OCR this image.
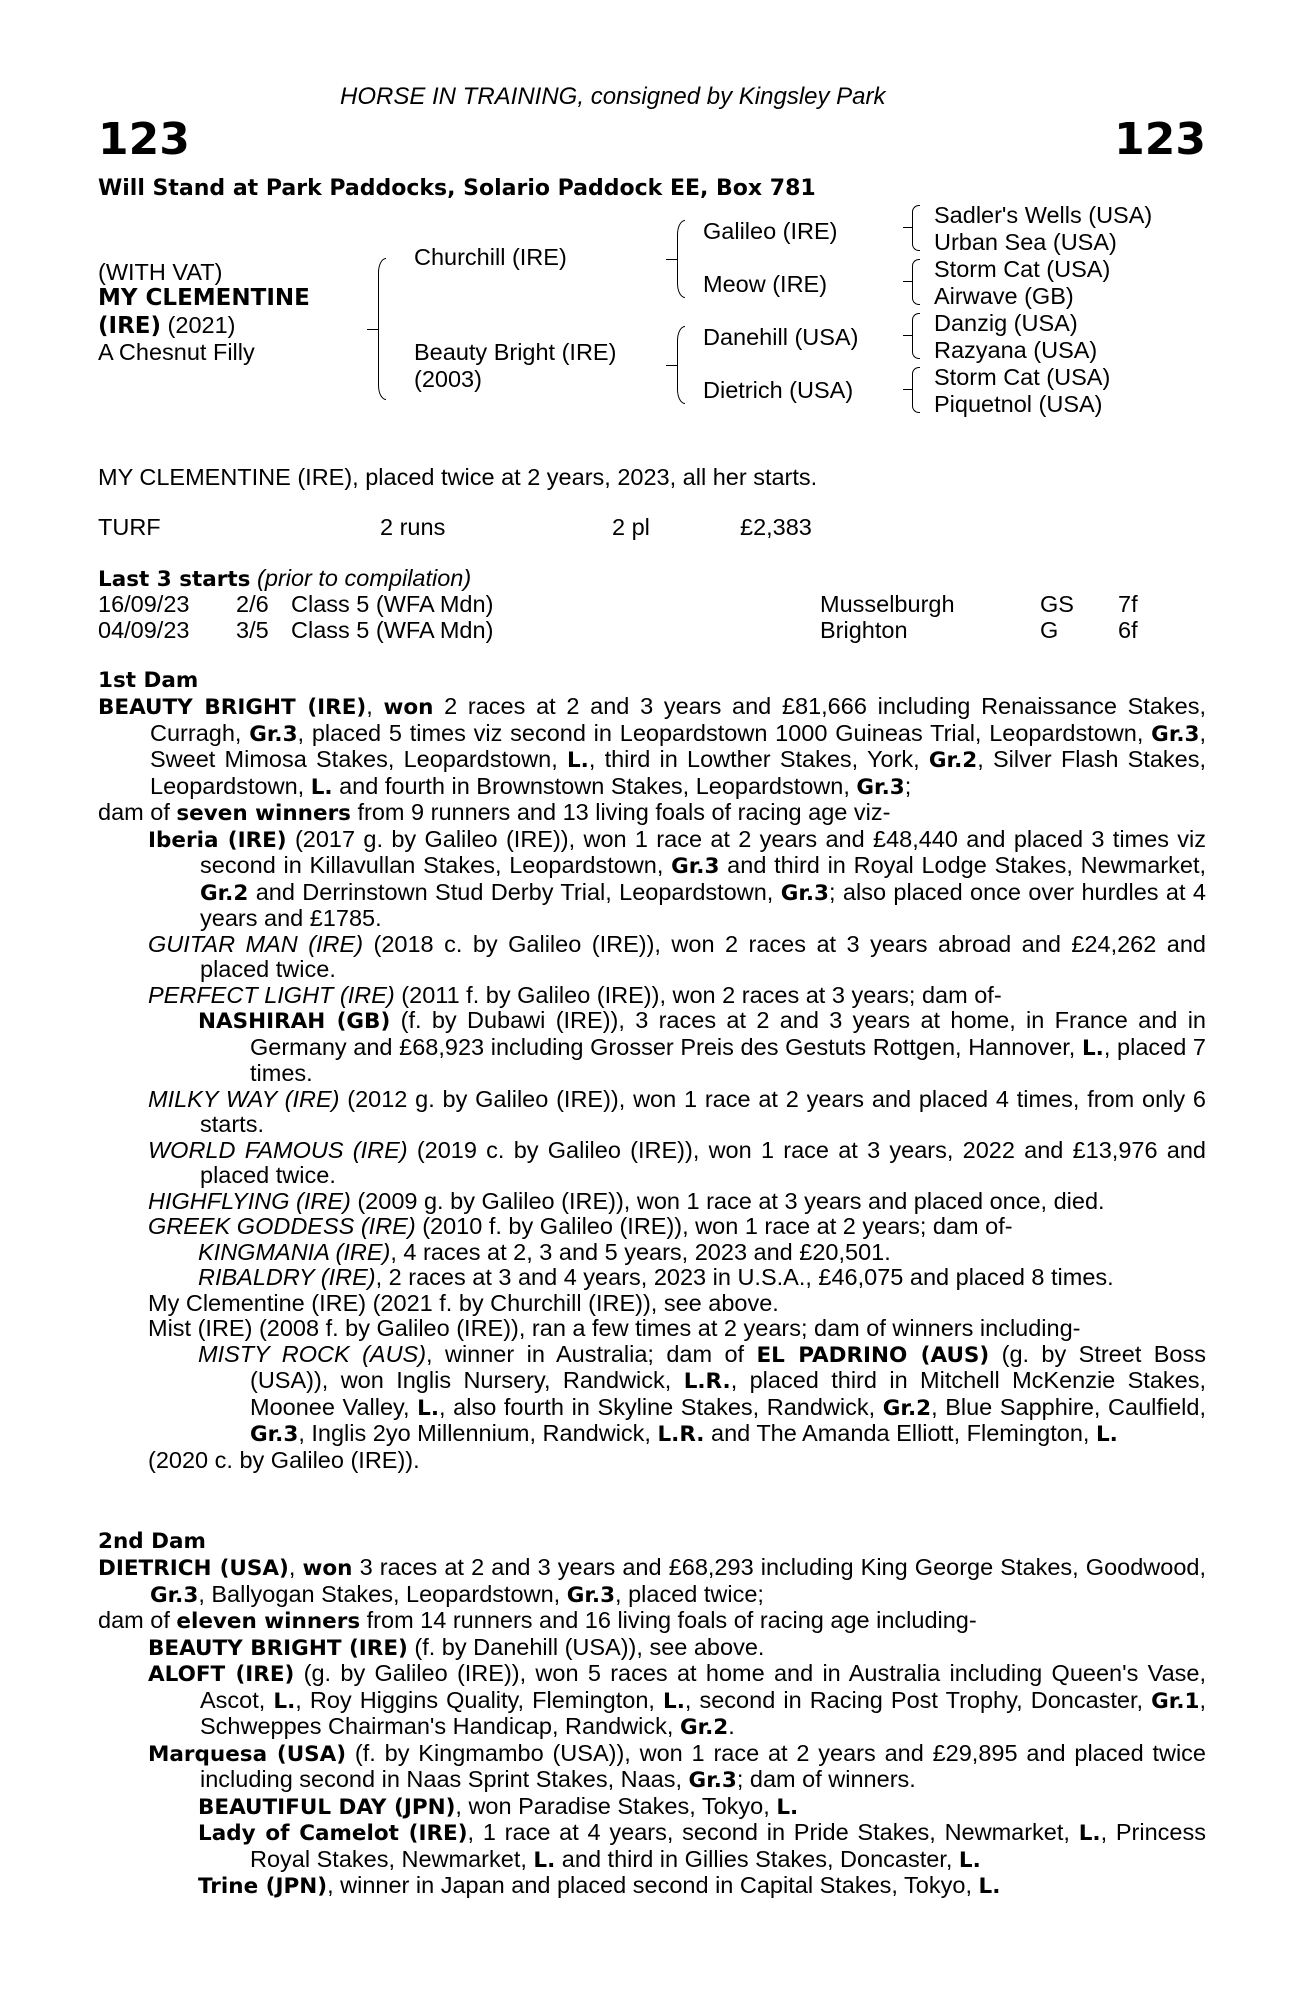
HORSE IN TRAINING, consigned by Kingsley Park
123	123
Will Stand at Park Paddocks, Solario Paddock EE, Box 781
(WITH VAT)
MY CLEMENTINE
(IRE) (2021)
A Chesnut Filly
Churchill (IRE)
Beauty Bright (IRE)
(2003)
Galileo (IRE)
Meow (IRE)
Danehill (USA)
Dietrich (USA)
Sadler's Wells (USA)
Urban Sea (USA)
Storm Cat (USA)
Airwave (GB)
Danzig (USA)
Razyana (USA)
Storm Cat (USA)
Piquetnol (USA)
MY CLEMENTINE (IRE), placed twice at 2 years, 2023, all her starts.
TURF	2 runs	2 pl	£2,383
Last 3 starts (prior to compilation)
16/09/23 2/6 Class 5 (WFA Mdn)	Musselburgh	GS 7f
04/09/23 3/5 Class 5 (WFA Mdn)	Brighton	G	6f
1st Dam
BEAUTY BRIGHT (IRE), won 2 races at 2 and 3 years and £81,666 including Renaissance Stakes, Curragh, Gr.3, placed 5 times viz second in Leopardstown 1000 Guineas Trial, Leopardstown, Gr.3, Sweet Mimosa Stakes, Leopardstown, L., third in Lowther Stakes, York, Gr.2, Silver Flash Stakes, Leopardstown, L. and fourth in Brownstown Stakes, Leopardstown, Gr.3;
dam of seven winners from 9 runners and 13 living foals of racing age viz-
Iberia (IRE) (2017 g. by Galileo (IRE)), won 1 race at 2 years and £48,440 and placed 3 times viz second in Killavullan Stakes, Leopardstown, Gr.3 and third in Royal Lodge Stakes, Newmarket, Gr.2 and Derrinstown Stud Derby Trial, Leopardstown, Gr.3; also placed once over hurdles at 4 years and £1785.
GUITAR MAN (IRE) (2018 c. by Galileo (IRE)), won 2 races at 3 years abroad and £24,262 and placed twice.
PERFECT LIGHT (IRE) (2011 f. by Galileo (IRE)), won 2 races at 3 years; dam of-
NASHIRAH (GB) (f. by Dubawi (IRE)), 3 races at 2 and 3 years at home, in France and in Germany and £68,923 including Grosser Preis des Gestuts Rottgen, Hannover, L., placed 7 times.
MILKY WAY (IRE) (2012 g. by Galileo (IRE)), won 1 race at 2 years and placed 4 times, from only 6 starts.
WORLD FAMOUS (IRE) (2019 c. by Galileo (IRE)), won 1 race at 3 years, 2022 and £13,976 and placed twice.
HIGHFLYING (IRE) (2009 g. by Galileo (IRE)), won 1 race at 3 years and placed once, died.
GREEK GODDESS (IRE) (2010 f. by Galileo (IRE)), won 1 race at 2 years; dam of-
KINGMANIA (IRE), 4 races at 2, 3 and 5 years, 2023 and £20,501.
RIBALDRY (IRE), 2 races at 3 and 4 years, 2023 in U.S.A., £46,075 and placed 8 times.
My Clementine (IRE) (2021 f. by Churchill (IRE)), see above.
Mist (IRE) (2008 f. by Galileo (IRE)), ran a few times at 2 years; dam of winners including-
MISTY ROCK (AUS), winner in Australia; dam of EL PADRINO (AUS) (g. by Street Boss (USA)), won Inglis Nursery, Randwick, L.R., placed third in Mitchell McKenzie Stakes, Moonee Valley, L., also fourth in Skyline Stakes, Randwick, Gr.2, Blue Sapphire, Caulfield, Gr.3, Inglis 2yo Millennium, Randwick, L.R. and The Amanda Elliott, Flemington, L.
(2020 c. by Galileo (IRE)).
2nd Dam
DIETRICH (USA), won 3 races at 2 and 3 years and £68,293 including King George Stakes, Goodwood, Gr.3, Ballyogan Stakes, Leopardstown, Gr.3, placed twice;
dam of eleven winners from 14 runners and 16 living foals of racing age including-
BEAUTY BRIGHT (IRE) (f. by Danehill (USA)), see above.
ALOFT (IRE) (g. by Galileo (IRE)), won 5 races at home and in Australia including Queen's Vase, Ascot, L., Roy Higgins Quality, Flemington, L., second in Racing Post Trophy, Doncaster, Gr.1, Schweppes Chairman's Handicap, Randwick, Gr.2.
Marquesa (USA) (f. by Kingmambo (USA)), won 1 race at 2 years and £29,895 and placed twice including second in Naas Sprint Stakes, Naas, Gr.3; dam of winners.
BEAUTIFUL DAY (JPN), won Paradise Stakes, Tokyo, L.
Lady of Camelot (IRE), 1 race at 4 years, second in Pride Stakes, Newmarket, L., Princess Royal Stakes, Newmarket, L. and third in Gillies Stakes, Doncaster, L.
Trine (JPN), winner in Japan and placed second in Capital Stakes, Tokyo, L.
